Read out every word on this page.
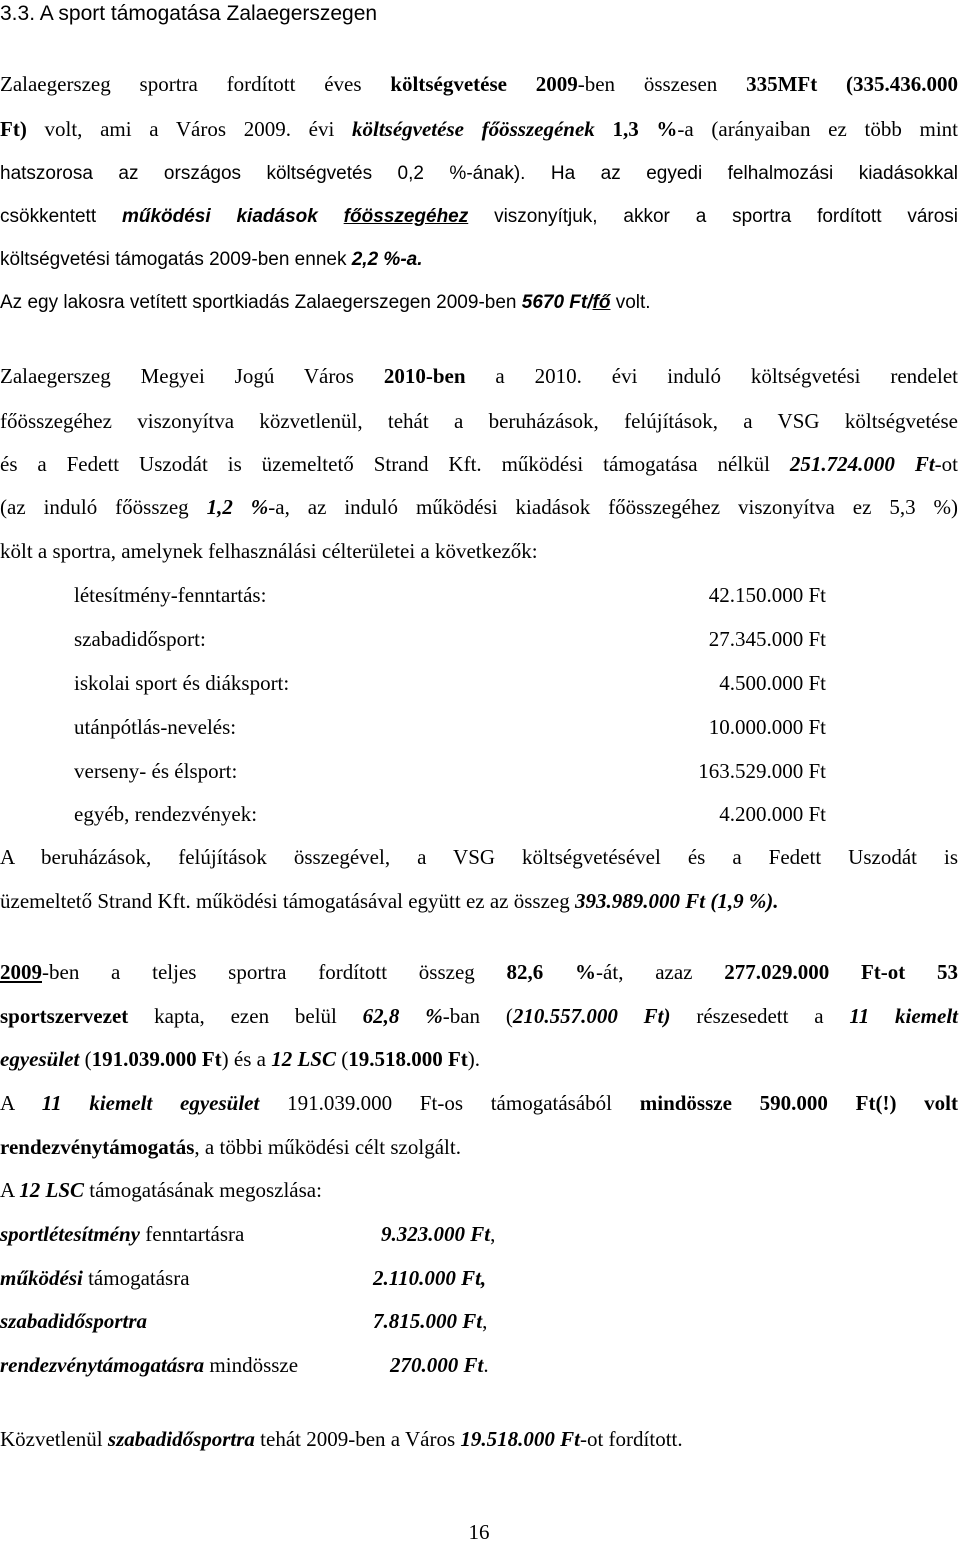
3.3. A sport támogatása Zalaegerszegen
Zalaegerszeg sportra fordított éves költségvetése 2009-ben összesen 335MFt (335.436.000
Ft) volt, ami a Város 2009. évi költségvetése főösszegének 1,3 %-a (arányaiban ez több mint
hatszorosa az országos költségvetés 0,2 %-ának). Ha az egyedi felhalmozási kiadásokkal
csökkentett működési kiadások főösszegéhez viszonyítjuk, akkor a sportra fordított városi
költségvetési támogatás 2009-ben ennek 2,2 %-a.
Az egy lakosra vetített sportkiadás Zalaegerszegen 2009-ben 5670 Ft/fő volt.
Zalaegerszeg Megyei Jogú Város 2010-ben a 2010. évi induló költségvetési rendelet
főösszegéhez viszonyítva közvetlenül, tehát a beruházások, felújítások, a VSG költségvetése
és a Fedett Uszodát is üzemeltető Strand Kft. működési támogatása nélkül 251.724.000 Ft-ot
(az induló főösszeg 1,2 %-a, az induló működési kiadások főösszegéhez viszonyítva ez 5,3 %)
költ a sportra, amelynek felhasználási célterületei a következők:
létesítmény-fenntartás:	42.150.000 Ft
szabadidősport:	27.345.000 Ft
iskolai sport és diáksport:	4.500.000 Ft
utánpótlás-nevelés:	10.000.000 Ft
verseny- és élsport:	163.529.000 Ft
egyéb, rendezvények:	4.200.000 Ft
A beruházások, felújítások összegével, a VSG költségvetésével és a Fedett Uszodát is
üzemeltető Strand Kft. működési támogatásával együtt ez az összeg 393.989.000 Ft (1,9 %).
2009-ben a teljes sportra fordított összeg 82,6 %-át, azaz 277.029.000 Ft-ot 53
sportszervezet kapta, ezen belül 62,8 %-ban (210.557.000 Ft) részesedett a 11 kiemelt
egyesület (191.039.000 Ft) és a 12 LSC (19.518.000 Ft).
A 11 kiemelt egyesület 191.039.000 Ft-os támogatásából mindössze 590.000 Ft(!) volt
rendezvénytámogatás, a többi működési célt szolgált.
A 12 LSC támogatásának megoszlása:
sportlétesítmény fenntartásra	9.323.000 Ft,
működési támogatásra	2.110.000 Ft,
szabadidősportra	7.815.000 Ft,
rendezvénytámogatásra mindössze	270.000 Ft.
Közvetlenül szabadidősportra tehát 2009-ben a Város 19.518.000 Ft-ot fordított.
16
